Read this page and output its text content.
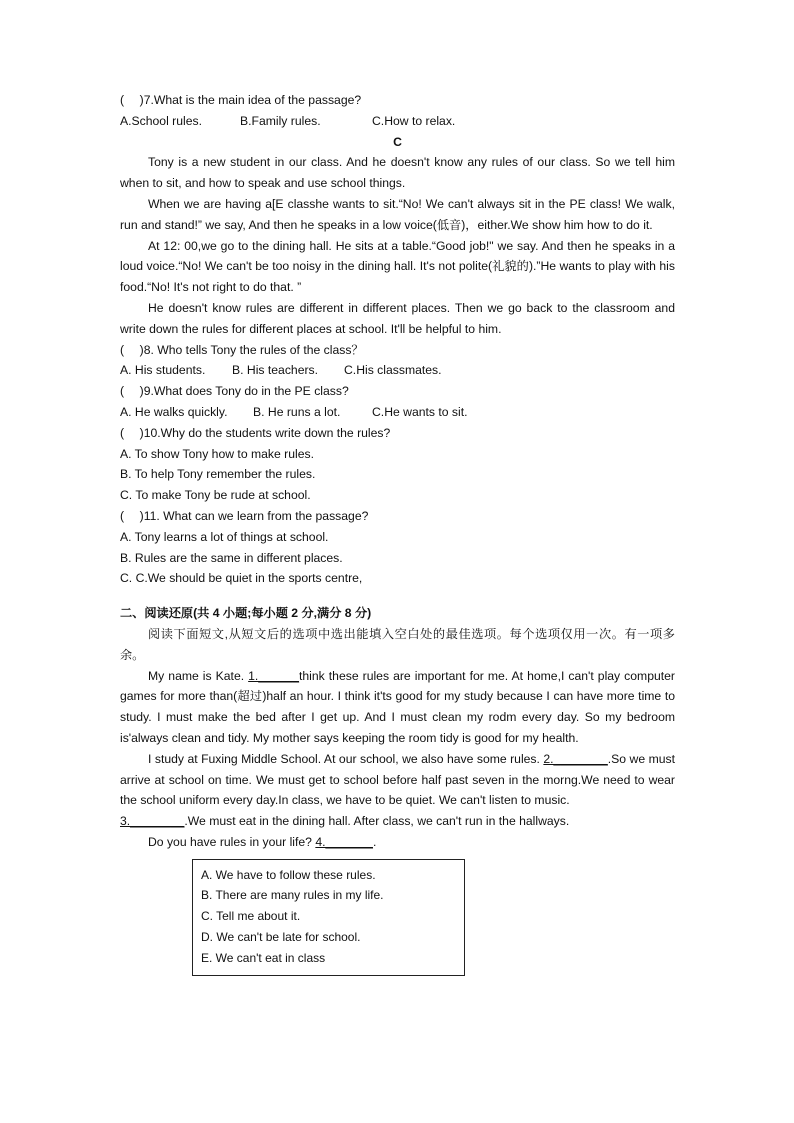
(　 )7.What is the main idea of the passage?
A.School rules.	B.Family rules.	C.How to relax.
C
Tony is a new student in our class. And he doesn't know any rules of our class. So we tell him when to sit, and how to speak and use school things.
When we are having a[E classhe wants to sit.“No! We can't always sit in the PE class! We walk, run and stand!” we say, And then he speaks in a low voice(低音)，either.We show him how to do it.
At 12: 00,we go to the dining hall. He sits at a table.“Good job!" we say. And then he speaks in a loud voice.“No! We can't be too noisy in the dining hall. It's not polite(礼貌的).”He wants to play with his food.“No! It's not right to do that. ”
He doesn't know rules are different in different places. Then we go back to the classroom and write down the rules for different places at school. It'll be helpful to him.
(　 )8. Who tells Tony the rules of the class？
A. His students.	B. His teachers.	C.His classmates.
(　 )9.What does Tony do in the PE class?
A. He walks quickly.	B. He runs a lot.	C.He wants to sit.
(　 )10.Why do the students write down the rules?
A. To show Tony how to make rules.
B. To help Tony remember the rules.
C. To make Tony be rude at school.
(　 )11. What can we learn from the passage?
A. Tony learns a lot of things at school.
B. Rules are the same in different places.
C. C.We should be quiet in the sports centre,
二、阅读还原(共 4 小题;每小题 2 分,满分 8 分)
阅读下面短文,从短文后的选项中选出能填入空白处的最佳选项。每个选项仅用一次。有一项多余。
My name is Kate. 1.______think these rules are important for me. At home,I can't play computer games for more than(超过)half an hour. I think it'ts good for my study because I can have more time to study. I must make the bed after I get up. And I must clean my rodm every day. So my bedroom is'always clean and tidy. My mother says keeping the room tidy is good for my health.
I study at Fuxing Middle School. At our school, we also have some rules. 2.________.So we must arrive at school on time. We must get to school before half past seven in the morng.We need to wear the school uniform every day.In class, we have to be quiet. We can't listen to music.
3.________.We must eat in the dining hall. After class, we can't run in the hallways.
Do you have rules in your life? 4._______.
A. We have to follow these rules.
B. There are many rules in my life.
C. Tell me about it.
D. We can't be late for school.
E. We can't eat in class
